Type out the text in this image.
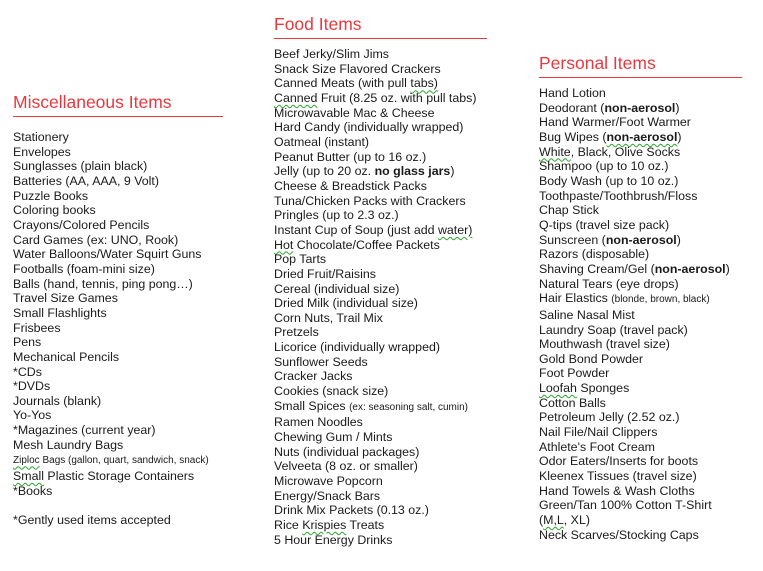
Miscellaneous Items
Stationery
Envelopes
Sunglasses (plain black)
Batteries (AA, AAA, 9 Volt)
Puzzle Books
Coloring books
Crayons/Colored Pencils
Card Games (ex: UNO, Rook)
Water Balloons/Water Squirt Guns
Footballs (foam-mini size)
Balls (hand, tennis, ping pong…)
Travel Size Games
Small Flashlights
Frisbees
Pens
Mechanical Pencils
*CDs
*DVDs
Journals (blank)
Yo-Yos
*Magazines (current year)
Mesh Laundry Bags
Ziploc Bags (gallon, quart, sandwich, snack)
Small Plastic Storage Containers
*Books
*Gently used items accepted
Food Items
Beef Jerky/Slim Jims
Snack Size Flavored Crackers
Canned Meats (with pull tabs)
Canned Fruit (8.25 oz. with pull tabs)
Microwavable Mac & Cheese
Hard Candy (individually wrapped)
Oatmeal (instant)
Peanut Butter (up to 16 oz.)
Jelly (up to 20 oz. no glass jars)
Cheese & Breadstick Packs
Tuna/Chicken Packs with Crackers
Pringles (up to 2.3 oz.)
Instant Cup of Soup (just add water)
Hot Chocolate/Coffee Packets
Pop Tarts
Dried Fruit/Raisins
Cereal (individual size)
Dried Milk (individual size)
Corn Nuts, Trail Mix
Pretzels
Licorice (individually wrapped)
Sunflower Seeds
Cracker Jacks
Cookies (snack size)
Small Spices (ex: seasoning salt, cumin)
Ramen Noodles
Chewing Gum / Mints
Nuts (individual packages)
Velveeta (8 oz. or smaller)
Microwave Popcorn
Energy/Snack Bars
Drink Mix Packets (0.13 oz.)
Rice Krispies Treats
5 Hour Energy Drinks
Personal Items
Hand Lotion
Deodorant (non-aerosol)
Hand Warmer/Foot Warmer
Bug Wipes (non-aerosol)
White, Black, Olive Socks
Shampoo (up to 10 oz.)
Body Wash (up to 10 oz.)
Toothpaste/Toothbrush/Floss
Chap Stick
Q-tips (travel size pack)
Sunscreen (non-aerosol)
Razors (disposable)
Shaving Cream/Gel (non-aerosol)
Natural Tears (eye drops)
Hair Elastics (blonde, brown, black)
Saline Nasal Mist
Laundry Soap (travel pack)
Mouthwash (travel size)
Gold Bond Powder
Foot Powder
Loofah Sponges
Cotton Balls
Petroleum Jelly (2.52 oz.)
Nail File/Nail Clippers
Athlete's Foot Cream
Odor Eaters/Inserts for boots
Kleenex Tissues (travel size)
Hand Towels & Wash Cloths
Green/Tan 100% Cotton T-Shirt
(M,L, XL)
Neck Scarves/Stocking Caps
